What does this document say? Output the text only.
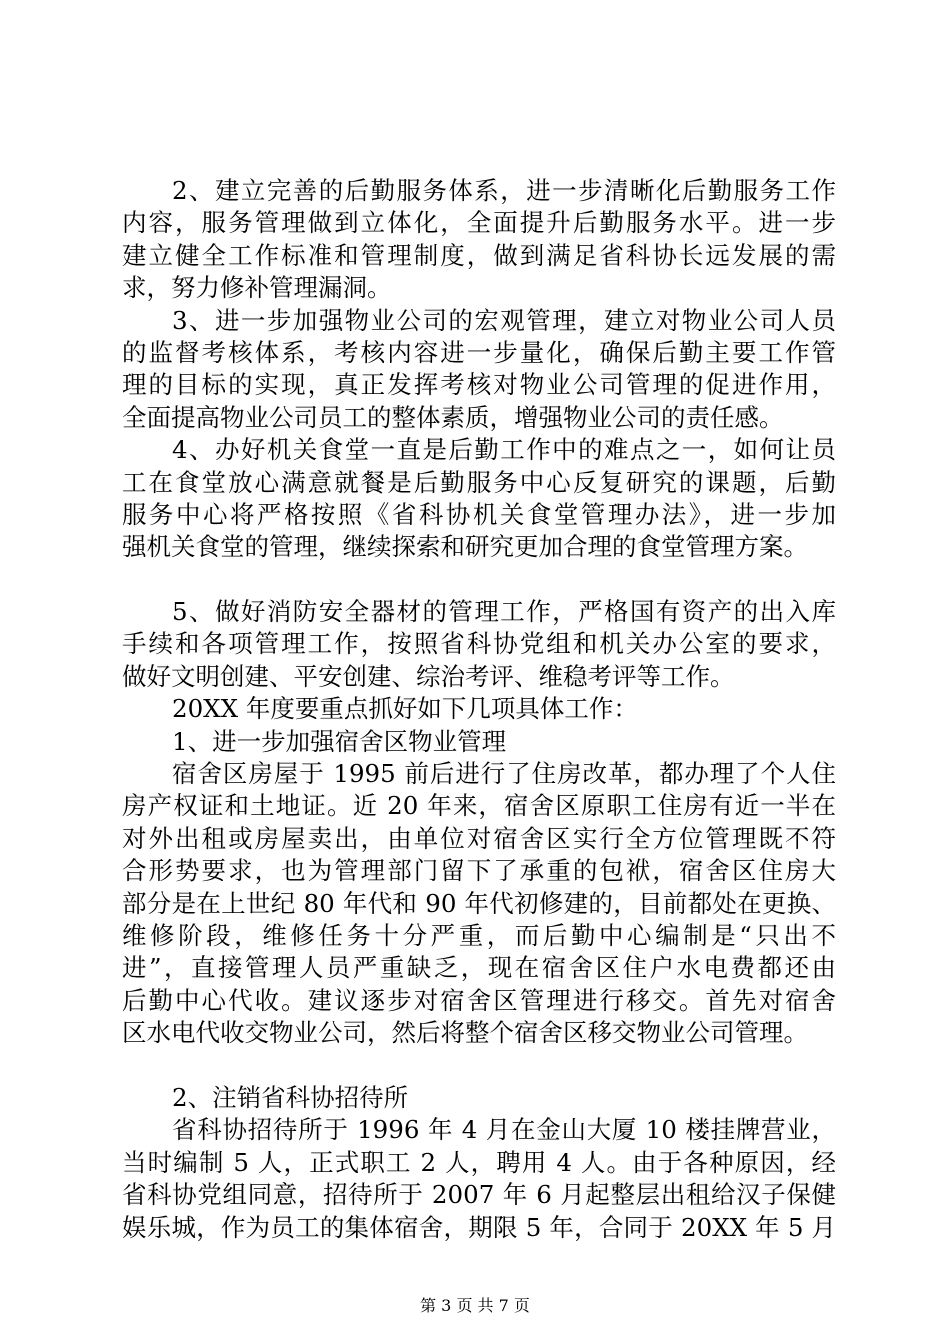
2、建立完善的后勤服务体系，进一步清晰化后勤服务工作
内容，服务管理做到立体化，全面提升后勤服务水平。进一步
建立健全工作标准和管理制度，做到满足省科协长远发展的需
求，努力修补管理漏洞。
3、进一步加强物业公司的宏观管理，建立对物业公司人员
的监督考核体系，考核内容进一步量化，确保后勤主要工作管
理的目标的实现，真正发挥考核对物业公司管理的促进作用，
全面提高物业公司员工的整体素质，增强物业公司的责任感。
4、办好机关食堂一直是后勤工作中的难点之一，如何让员
工在食堂放心满意就餐是后勤服务中心反复研究的课题，后勤
服务中心将严格按照《省科协机关食堂管理办法》，进一步加
强机关食堂的管理，继续探索和研究更加合理的食堂管理方案。
5、做好消防安全器材的管理工作，严格国有资产的出入库
手续和各项管理工作，按照省科协党组和机关办公室的要求，
做好文明创建、平安创建、综治考评、维稳考评等工作。
20XX 年度要重点抓好如下几项具体工作：
1、进一步加强宿舍区物业管理
宿舍区房屋于 1995 前后进行了住房改革，都办理了个人住
房产权证和土地证。近 20 年来，宿舍区原职工住房有近一半在
对外出租或房屋卖出，由单位对宿舍区实行全方位管理既不符
合形势要求，也为管理部门留下了承重的包袱，宿舍区住房大
部分是在上世纪 80 年代和 90 年代初修建的，目前都处在更换、
维修阶段，维修任务十分严重，而后勤中心编制是“只出不
进”，直接管理人员严重缺乏，现在宿舍区住户水电费都还由
后勤中心代收。建议逐步对宿舍区管理进行移交。首先对宿舍
区水电代收交物业公司，然后将整个宿舍区移交物业公司管理。
2、注销省科协招待所
省科协招待所于 1996 年 4 月在金山大厦 10 楼挂牌营业，
当时编制 5 人，正式职工 2 人，聘用 4 人。由于各种原因，经
省科协党组同意，招待所于 2007 年 6 月起整层出租给汉子保健
娱乐城，作为员工的集体宿舍，期限 5 年，合同于 20XX 年 5 月
第 3 页 共 7 页
